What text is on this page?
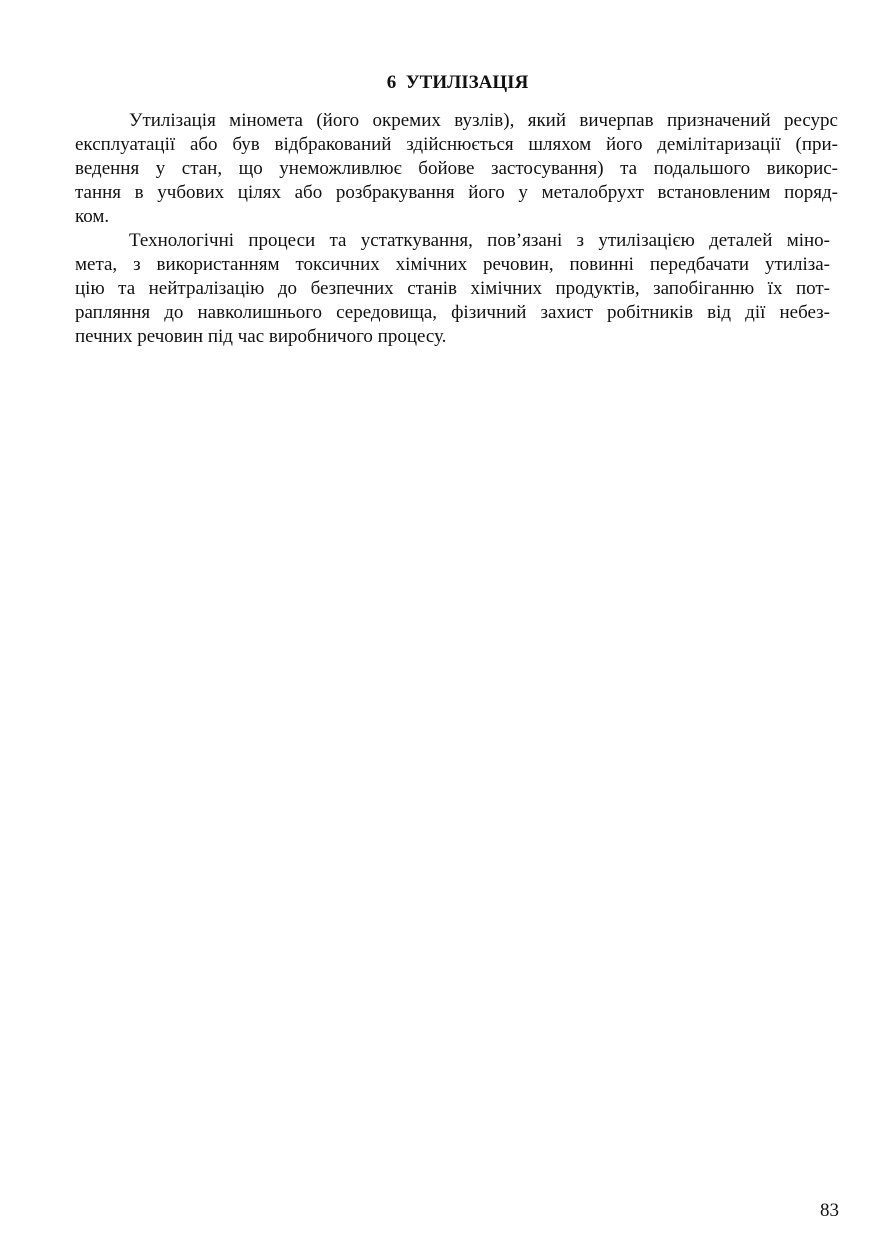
6  УТИЛІЗАЦІЯ
Утилізація мінометa (його окремих вузлів), який вичерпав призначений ресурс
експлуатації або був відбракований здійснюється шляхом його демілітаризації (при-
ведення у стан, що унеможливлює бойове застосування) та подальшого викорис-
тання в учбових цілях або розбракування його у металобрухт встановленим поряд-
ком.
Технологічні процеси та устаткування, пов’язані з утилізацією деталей міно-
мета, з використанням токсичних хімічних речовин, повинні передбачати утиліза-
цію та нейтралізацію до безпечних станів хімічних продуктів, запобіганню їх пот-
рапляння до навколишнього середовища, фізичний захист робітників від дії небез-
печних речовин під час виробничого процесу.
83
